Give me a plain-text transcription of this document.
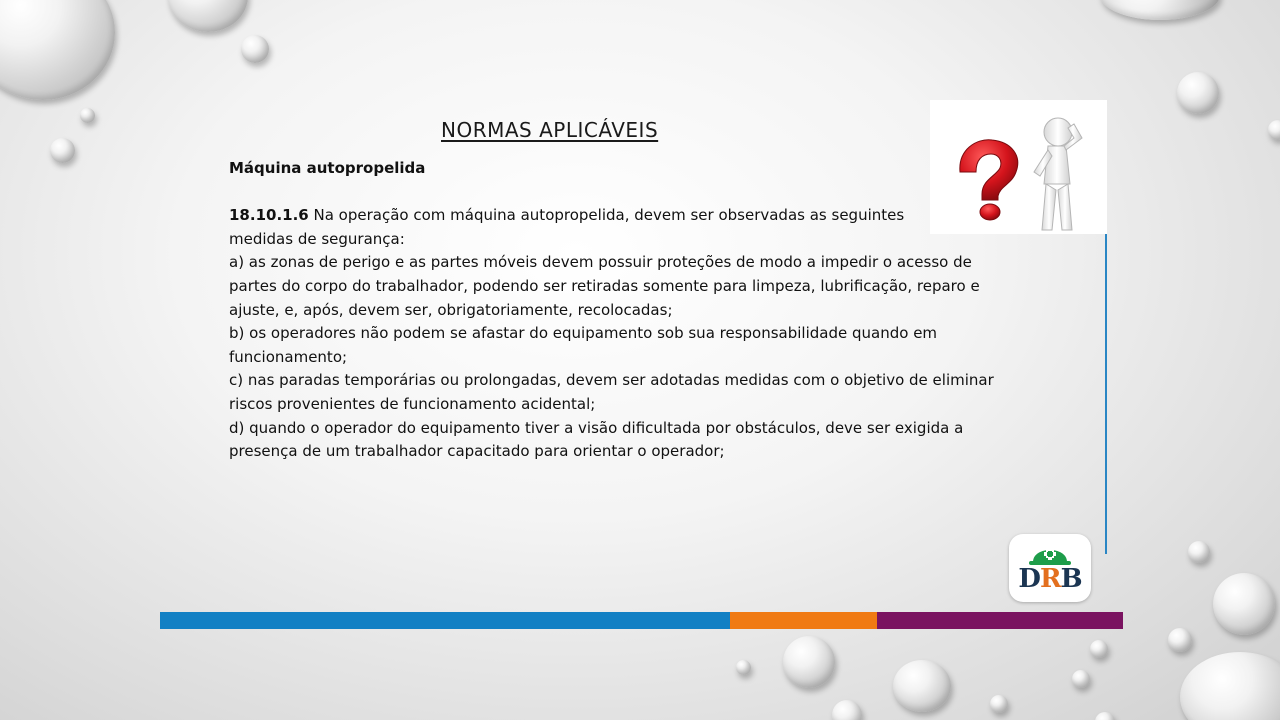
NORMAS APLICÁVEIS

Máquina autopropelida

18.10.1.6 Na operação com máquina autopropelida, devem ser observadas as seguintes medidas de segurança:

a) as zonas de perigo e as partes móveis devem possuir proteções de modo a impedir o acesso de partes do corpo do trabalhador, podendo ser retiradas somente para limpeza, lubrificação, reparo e ajuste, e, após, devem ser, obrigatoriamente, recolocadas;

b) os operadores não podem se afastar do equipamento sob sua responsabilidade quando em funcionamento;

c) nas paradas temporárias ou prolongadas, devem ser adotadas medidas com o objetivo de eliminar riscos provenientes de funcionamento acidental;

d) quando o operador do equipamento tiver a visão dificultada por obstáculos, deve ser exigida a presença de um trabalhador capacitado para orientar o operador;

DRB
